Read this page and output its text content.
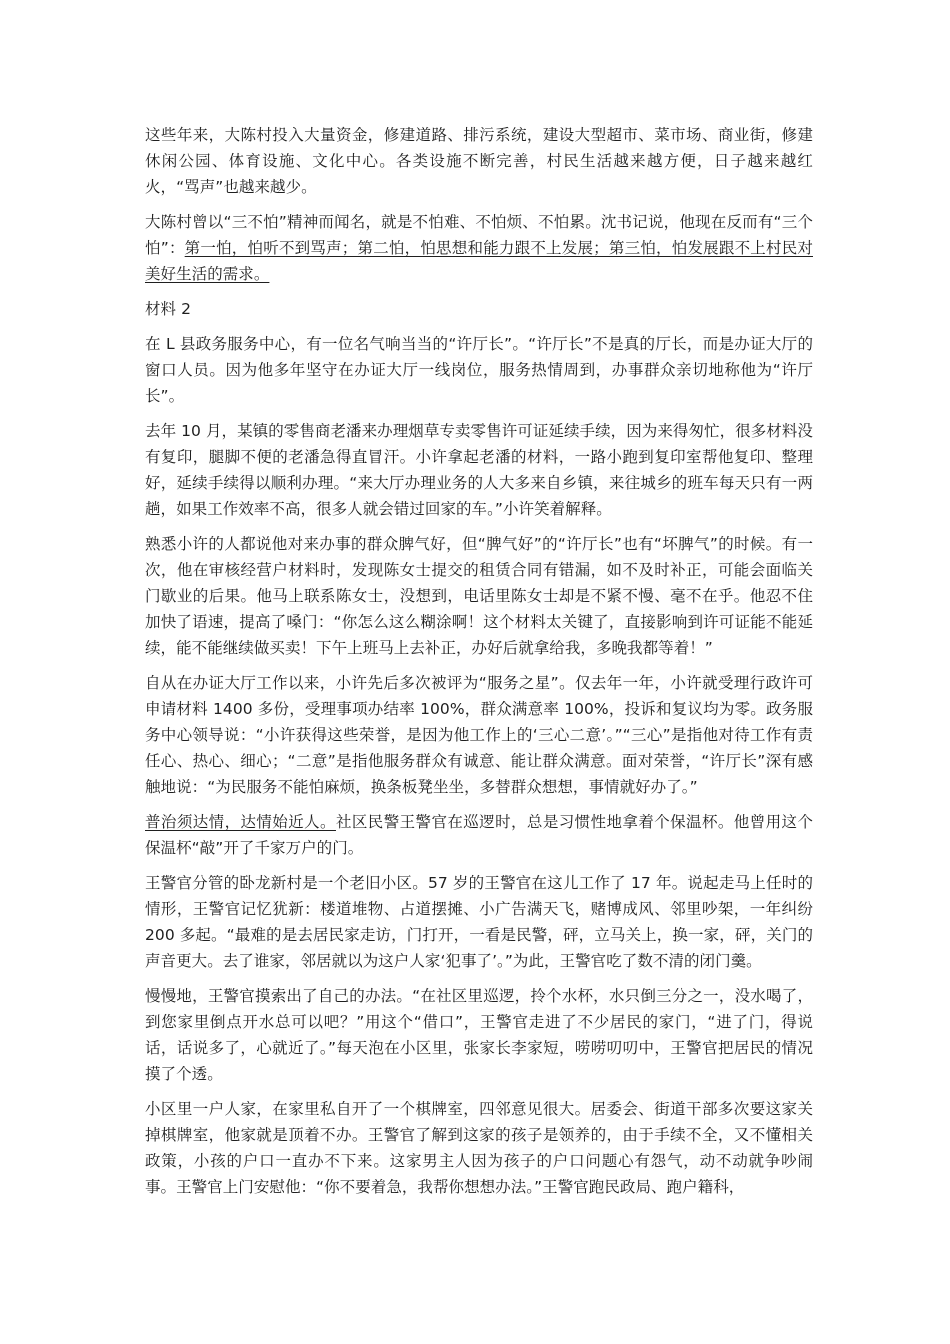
这些年来，大陈村投入大量资金，修建道路、排污系统，建设大型超市、菜市场、商业街，修建休闲公园、体育设施、文化中心。各类设施不断完善，村民生活越来越方便，日子越来越红火，“骂声”也越来越少。

大陈村曾以“三不怕”精神而闻名，就是不怕难、不怕烦、不怕累。沈书记说，他现在反而有“三个怕”：第一怕，怕听不到骂声；第二怕，怕思想和能力跟不上发展；第三怕，怕发展跟不上村民对美好生活的需求。

材料 2

在 L 县政务服务中心，有一位名气响当当的“许厅长”。“许厅长”不是真的厅长，而是办证大厅的窗口人员。因为他多年坚守在办证大厅一线岗位，服务热情周到，办事群众亲切地称他为“许厅长”。

去年 10 月，某镇的零售商老潘来办理烟草专卖零售许可证延续手续，因为来得匆忙，很多材料没有复印，腿脚不便的老潘急得直冒汗。小许拿起老潘的材料，一路小跑到复印室帮他复印、整理好，延续手续得以顺利办理。“来大厅办理业务的人大多来自乡镇，来往城乡的班车每天只有一两趟，如果工作效率不高，很多人就会错过回家的车。”小许笑着解释。

熟悉小许的人都说他对来办事的群众脾气好，但“脾气好”的“许厅长”也有“坏脾气”的时候。有一次，他在审核经营户材料时，发现陈女士提交的租赁合同有错漏，如不及时补正，可能会面临关门歇业的后果。他马上联系陈女士，没想到，电话里陈女士却是不紧不慢、毫不在乎。他忍不住加快了语速，提高了嗓门：“你怎么这么糊涂啊！这个材料太关键了，直接影响到许可证能不能延续，能不能继续做买卖！下午上班马上去补正，办好后就拿给我，多晚我都等着！”

自从在办证大厅工作以来，小许先后多次被评为“服务之星”。仅去年一年，小许就受理行政许可申请材料 1400 多份，受理事项办结率 100%，群众满意率 100%，投诉和复议均为零。政务服务中心领导说：“小许获得这些荣誉，是因为他工作上的‘三心二意’。”“三心”是指他对待工作有责任心、热心、细心；“二意”是指他服务群众有诚意、能让群众满意。面对荣誉，“许厅长”深有感触地说：“为民服务不能怕麻烦，换条板凳坐坐，多替群众想想，事情就好办了。”

普治须达情，达情始近人。社区民警王警官在巡逻时，总是习惯性地拿着个保温杯。他曾用这个保温杯“敲”开了千家万户的门。

王警官分管的卧龙新村是一个老旧小区。57 岁的王警官在这儿工作了 17 年。说起走马上任时的情形，王警官记忆犹新：楼道堆物、占道摆摊、小广告满天飞，赌博成风、邻里吵架，一年纠纷 200 多起。“最难的是去居民家走访，门打开，一看是民警，砰，立马关上，换一家，砰，关门的声音更大。去了谁家，邻居就以为这户人家‘犯事了’。”为此，王警官吃了数不清的闭门羹。

慢慢地，王警官摸索出了自己的办法。“在社区里巡逻，拎个水杯，水只倒三分之一，没水喝了，到您家里倒点开水总可以吧？”用这个“借口”，王警官走进了不少居民的家门，“进了门，得说话，话说多了，心就近了。”每天泡在小区里，张家长李家短，唠唠叨叨中，王警官把居民的情况摸了个透。

小区里一户人家，在家里私自开了一个棋牌室，四邻意见很大。居委会、街道干部多次要这家关掉棋牌室，他家就是顶着不办。王警官了解到这家的孩子是领养的，由于手续不全，又不懂相关政策，小孩的户口一直办不下来。这家男主人因为孩子的户口问题心有怨气，动不动就争吵闹事。王警官上门安慰他：“你不要着急，我帮你想想办法。”王警官跑民政局、跑户籍科，
